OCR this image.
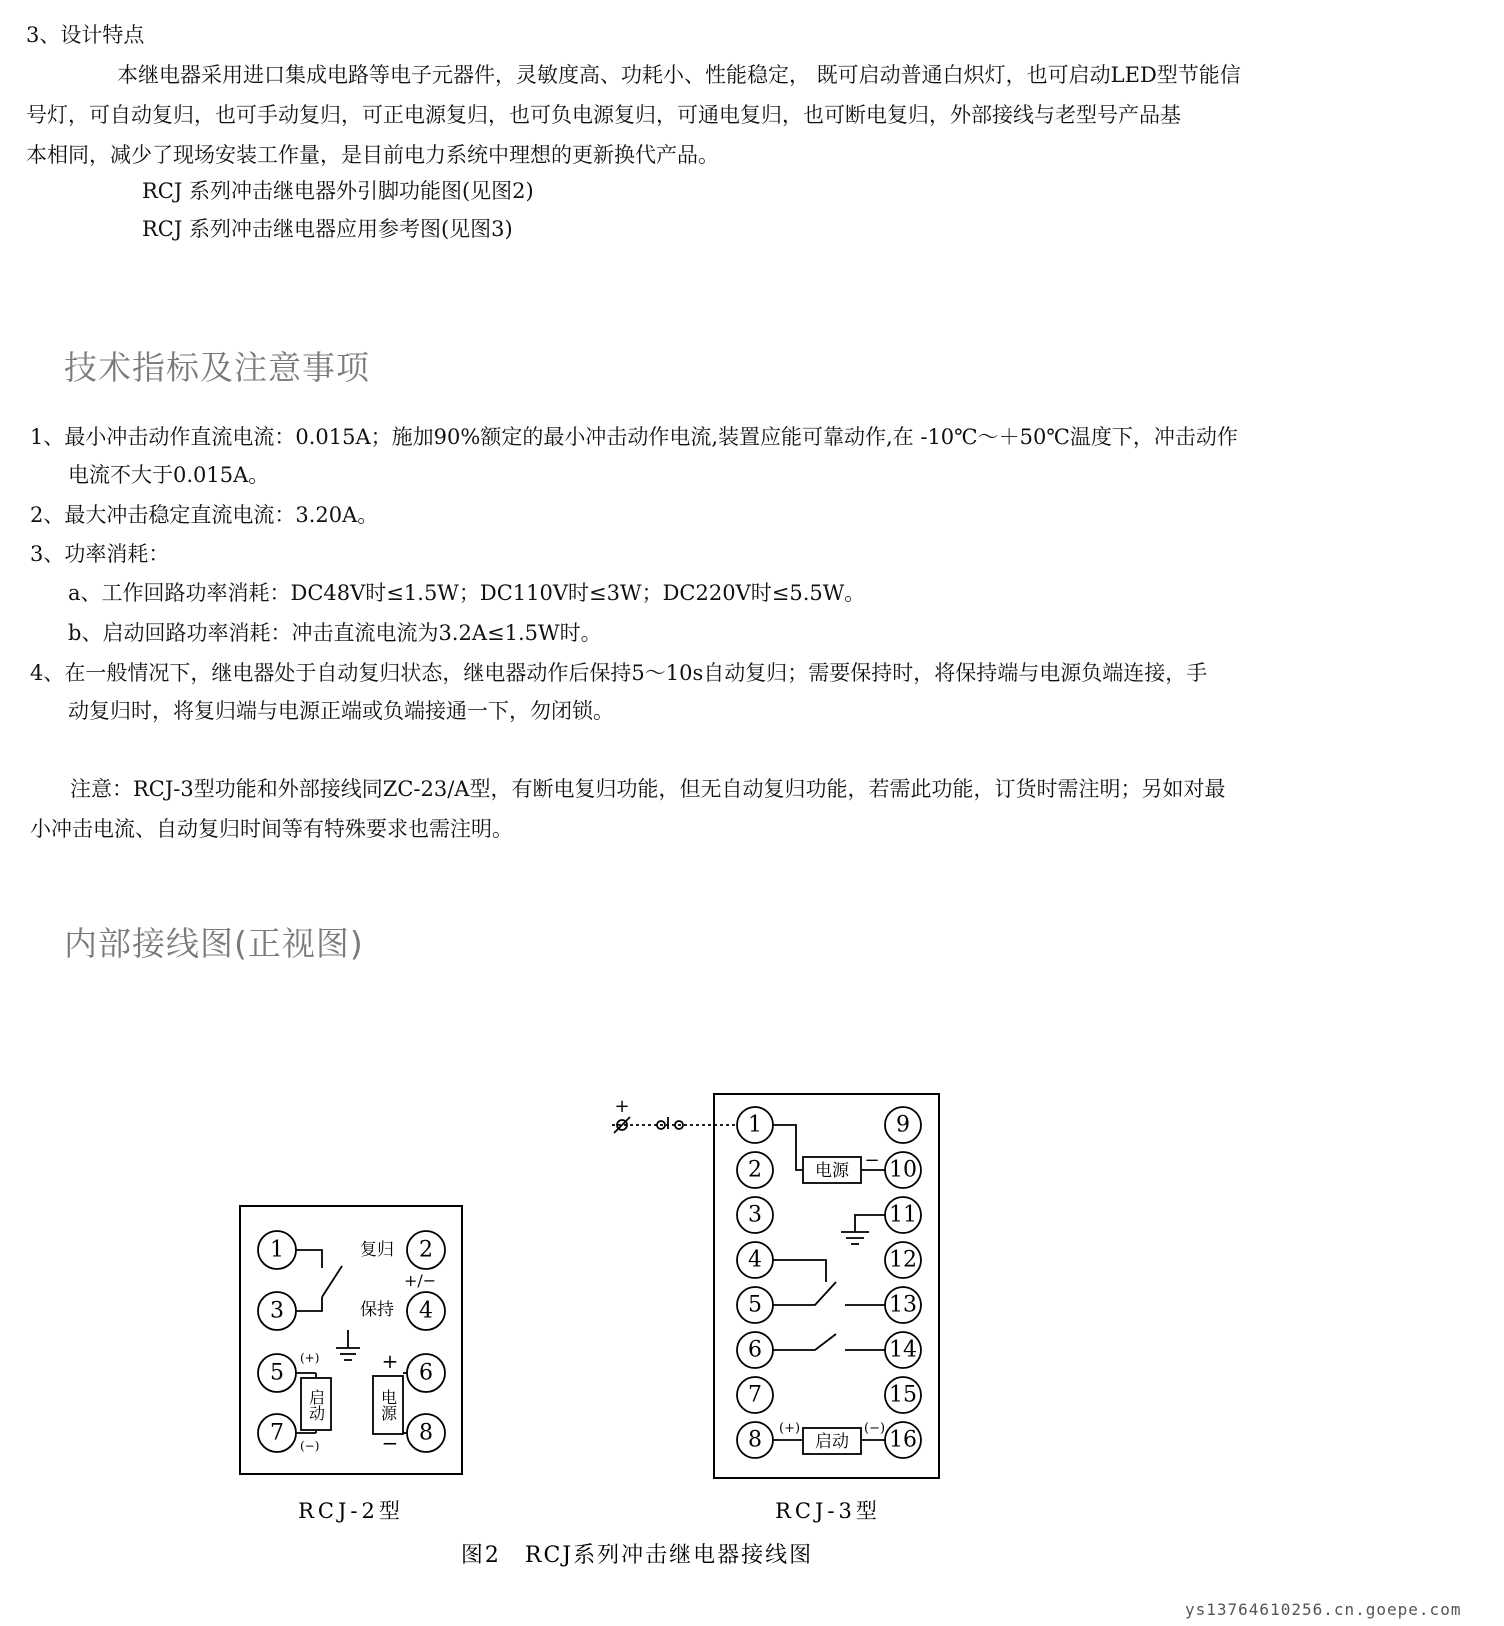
3、设计特点
本继电器采用进口集成电路等电子元器件，灵敏度高、功耗小、性能稳定， 既可启动普通白炽灯，也可启动LED型节能信
号灯，可自动复归，也可手动复归，可正电源复归，也可负电源复归，可通电复归，也可断电复归，外部接线与老型号产品基
本相同，减少了现场安装工作量，是目前电力系统中理想的更新换代产品。
RCJ 系列冲击继电器外引脚功能图(见图2)
RCJ 系列冲击继电器应用参考图(见图3)
技术指标及注意事项
1、最小冲击动作直流电流：0.015A；施加90%额定的最小冲击动作电流,装置应能可靠动作,在 -10℃～＋50℃温度下，冲击动作
电流不大于0.015A。
2、最大冲击稳定直流电流：3.20A。
3、功率消耗：
a、工作回路功率消耗：DC48V时≤1.5W；DC110V时≤3W；DC220V时≤5.5W。
b、启动回路功率消耗：冲击直流电流为3.2A≤1.5W时。
4、在一般情况下，继电器处于自动复归状态，继电器动作后保持5～10s自动复归；需要保持时，将保持端与电源负端连接，手
动复归时，将复归端与电源正端或负端接通一下，勿闭锁。
注意：RCJ-3型功能和外部接线同ZC-23/A型，有断电复归功能，但无自动复归功能，若需此功能，订货时需注明；另如对最
小冲击电流、自动复归时间等有特殊要求也需注明。
内部接线图(正视图)
1	2
3	4
5	6
7	8
复归
保持
+/−
(+)
(−)
+
−
启动	电源
RCJ-2型
1
2
3
4
5
6
7
8
9
10
11
12
13
14
15
16
+
−
电源
启动
(+)	(−)
RCJ-3型
图2　RCJ系列冲击继电器接线图
ys13764610256.cn.goepe.com
